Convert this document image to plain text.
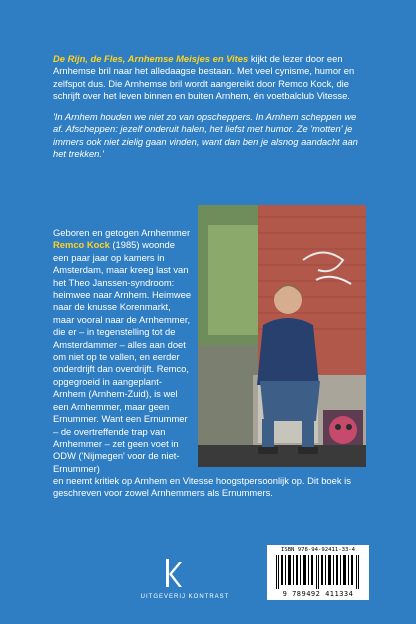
De Rijn, de Fles, Arnhemse Meisjes en Vites kijkt de lezer door een Arnhemse bril naar het alledaagse bestaan. Met veel cynisme, humor en zelfspot dus. Die Arnhemse bril wordt aangereikt door Remco Kock, die schrijft over het leven binnen en buiten Arnhem, én voetbalclub Vitesse.

'In Arnhem houden we niet zo van opscheppers. In Arnhem scheppen we af. Afscheppen: jezelf onderuit halen, het liefst met humor. Ze 'motten' je immers ook niet zielig gaan vinden, want dan ben je alsnog aandacht aan het trekken.'

Geboren en getogen Arnhemmer Remco Kock (1985) woonde een paar jaar op kamers in Amsterdam, maar kreeg last van het Theo Janssen-syndroom: heimwee naar Arnhem. Heimwee naar de knusse Korenmarkt, maar vooral naar de Arnhemmer, die er – in tegenstelling tot de Amsterdammer – alles aan doet om niet op te vallen, en eerder onderdrijft dan overdrijft. Remco, opgegroeid in aangeplant-Arnhem (Arnhem-Zuid), is wel een Arnhemmer, maar geen Ernummer. Want een Ernummer – de overtreffende trap van Arnhemmer – zet geen voet in ODW ('Nijmegen' voor de niet-Ernummer)
en neemt kritiek op Arnhem en Vitesse hoogstpersoonlijk op. Dit boek is geschreven voor zowel Arnhemmers als Ernummers.
ISBN 978-94-92411-33-4
9 789492 411334
UITGEVERIJ KONTRAST
